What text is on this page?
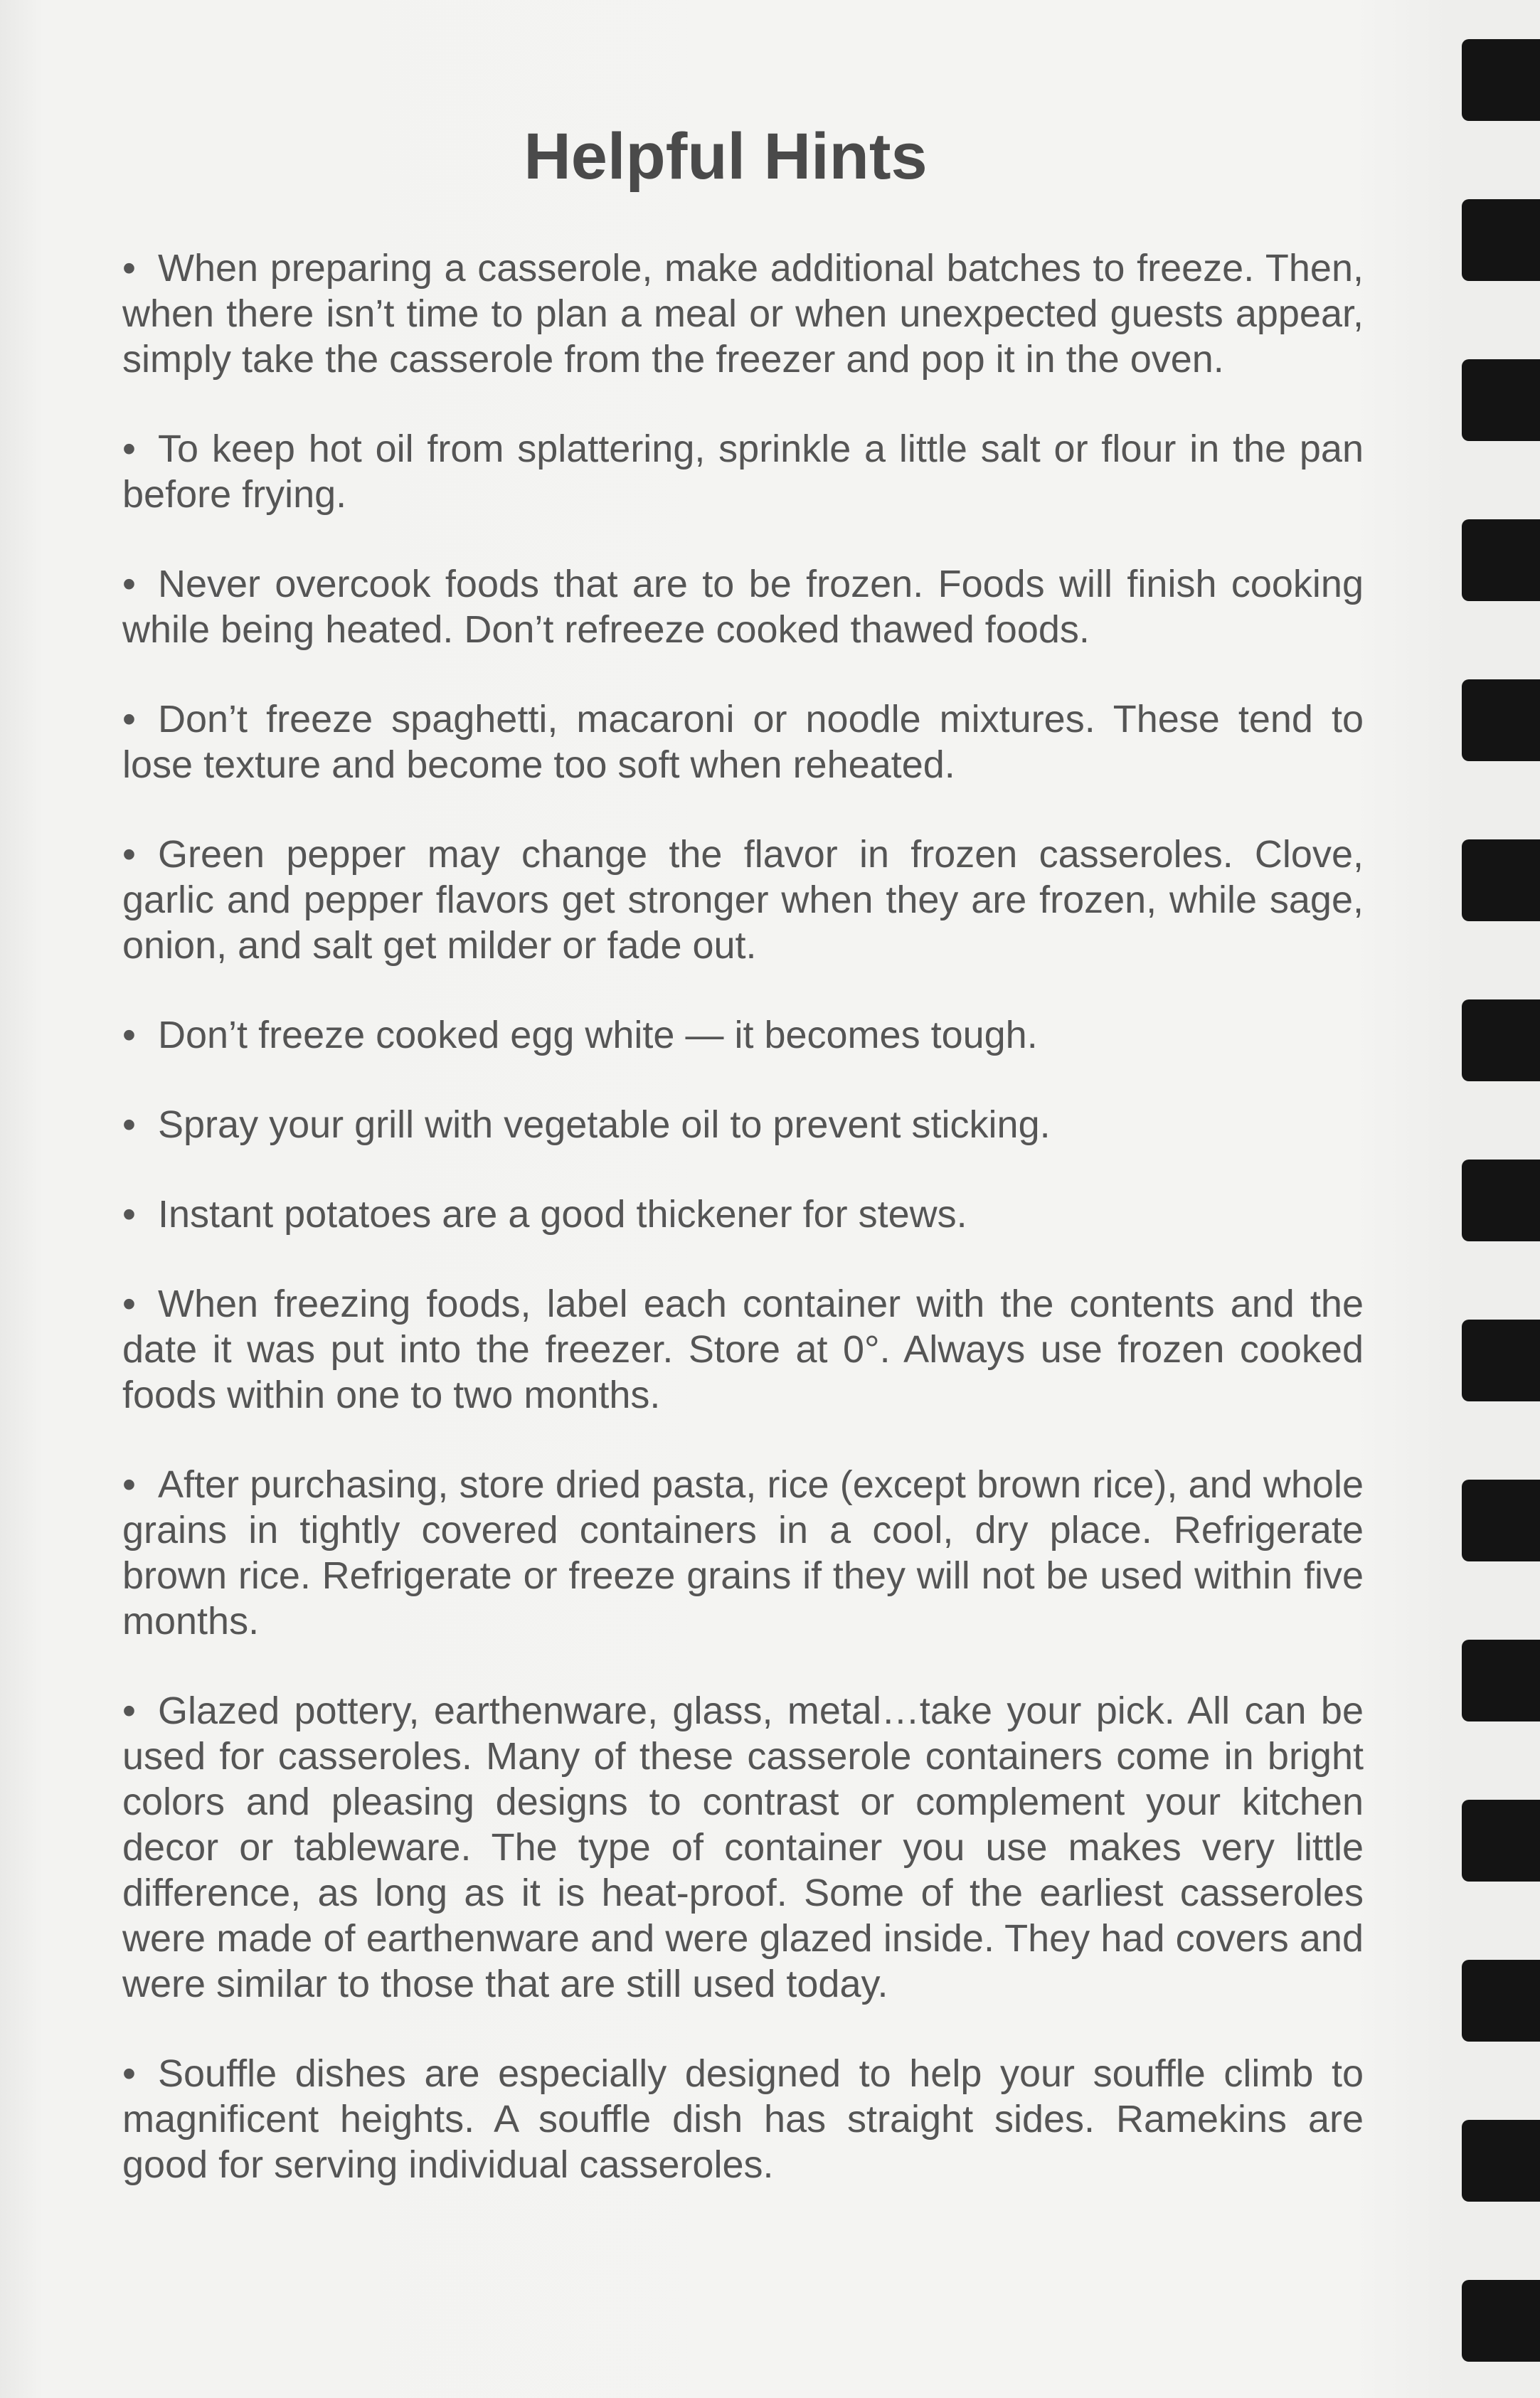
Helpful Hints
• When preparing a casserole, make additional batches to freeze. Then, when there isn’t time to plan a meal or when unexpected guests appear, simply take the casserole from the freezer and pop it in the oven.
• To keep hot oil from splattering, sprinkle a little salt or flour in the pan before frying.
• Never overcook foods that are to be frozen. Foods will finish cooking while being heated. Don’t refreeze cooked thawed foods.
• Don’t freeze spaghetti, macaroni or noodle mixtures. These tend to lose texture and become too soft when reheated.
• Green pepper may change the flavor in frozen casseroles. Clove, garlic and pepper flavors get stronger when they are frozen, while sage, onion, and salt get milder or fade out.
• Don’t freeze cooked egg white — it becomes tough.
• Spray your grill with vegetable oil to prevent sticking.
• Instant potatoes are a good thickener for stews.
• When freezing foods, label each container with the contents and the date it was put into the freezer. Store at 0°. Always use frozen cooked foods within one to two months.
• After purchasing, store dried pasta, rice (except brown rice), and whole grains in tightly covered containers in a cool, dry place. Refrigerate brown rice. Refrigerate or freeze grains if they will not be used within five months.
• Glazed pottery, earthenware, glass, metal…take your pick. All can be used for casseroles. Many of these casserole containers come in bright colors and pleasing designs to contrast or complement your kitchen decor or tableware. The type of container you use makes very little difference, as long as it is heat-proof. Some of the earliest casseroles were made of earthenware and were glazed inside. They had covers and were similar to those that are still used today.
• Souffle dishes are especially designed to help your souffle climb to magnificent heights. A souffle dish has straight sides. Ramekins are good for serving individual casseroles.
